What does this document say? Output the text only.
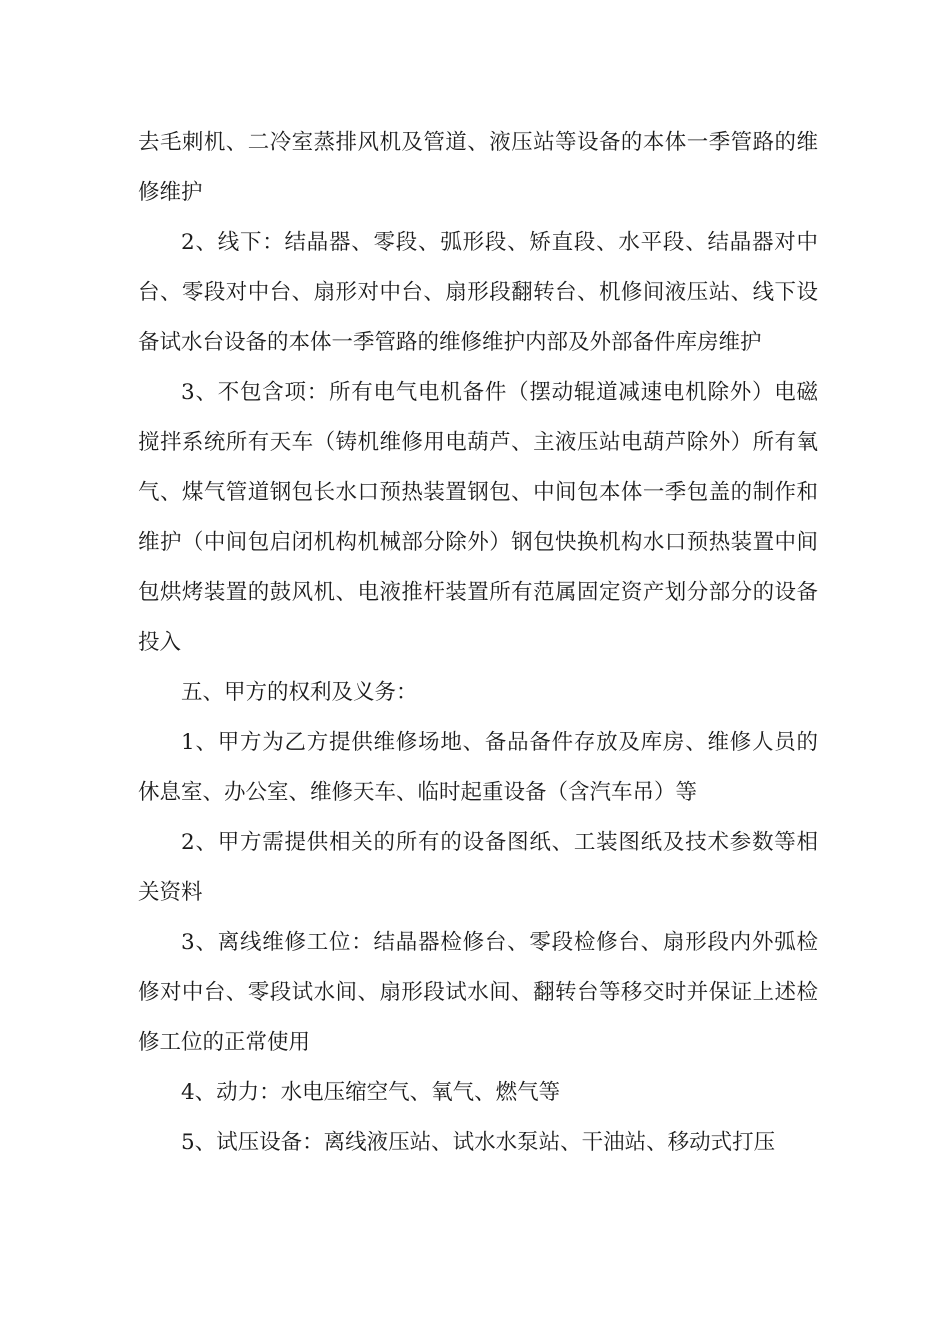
去毛刺机、二冷室蒸排风机及管道、液压站等设备的本体一季管路的维修维护

2、线下：结晶器、零段、弧形段、矫直段、水平段、结晶器对中台、零段对中台、扇形对中台、扇形段翻转台、机修间液压站、线下设备试水台设备的本体一季管路的维修维护内部及外部备件库房维护

3、不包含项：所有电气电机备件（摆动辊道减速电机除外）电磁搅拌系统所有天车（铸机维修用电葫芦、主液压站电葫芦除外）所有氧气、煤气管道钢包长水口预热装置钢包、中间包本体一季包盖的制作和维护（中间包启闭机构机械部分除外）钢包快换机构水口预热装置中间包烘烤装置的鼓风机、电液推杆装置所有范属固定资产划分部分的设备投入

五、甲方的权利及义务：

1、甲方为乙方提供维修场地、备品备件存放及库房、维修人员的休息室、办公室、维修天车、临时起重设备（含汽车吊）等

2、甲方需提供相关的所有的设备图纸、工装图纸及技术参数等相关资料

3、离线维修工位：结晶器检修台、零段检修台、扇形段内外弧检修对中台、零段试水间、扇形段试水间、翻转台等移交时并保证上述检修工位的正常使用

4、动力：水电压缩空气、氧气、燃气等

5、试压设备：离线液压站、试水水泵站、干油站、移动式打压
